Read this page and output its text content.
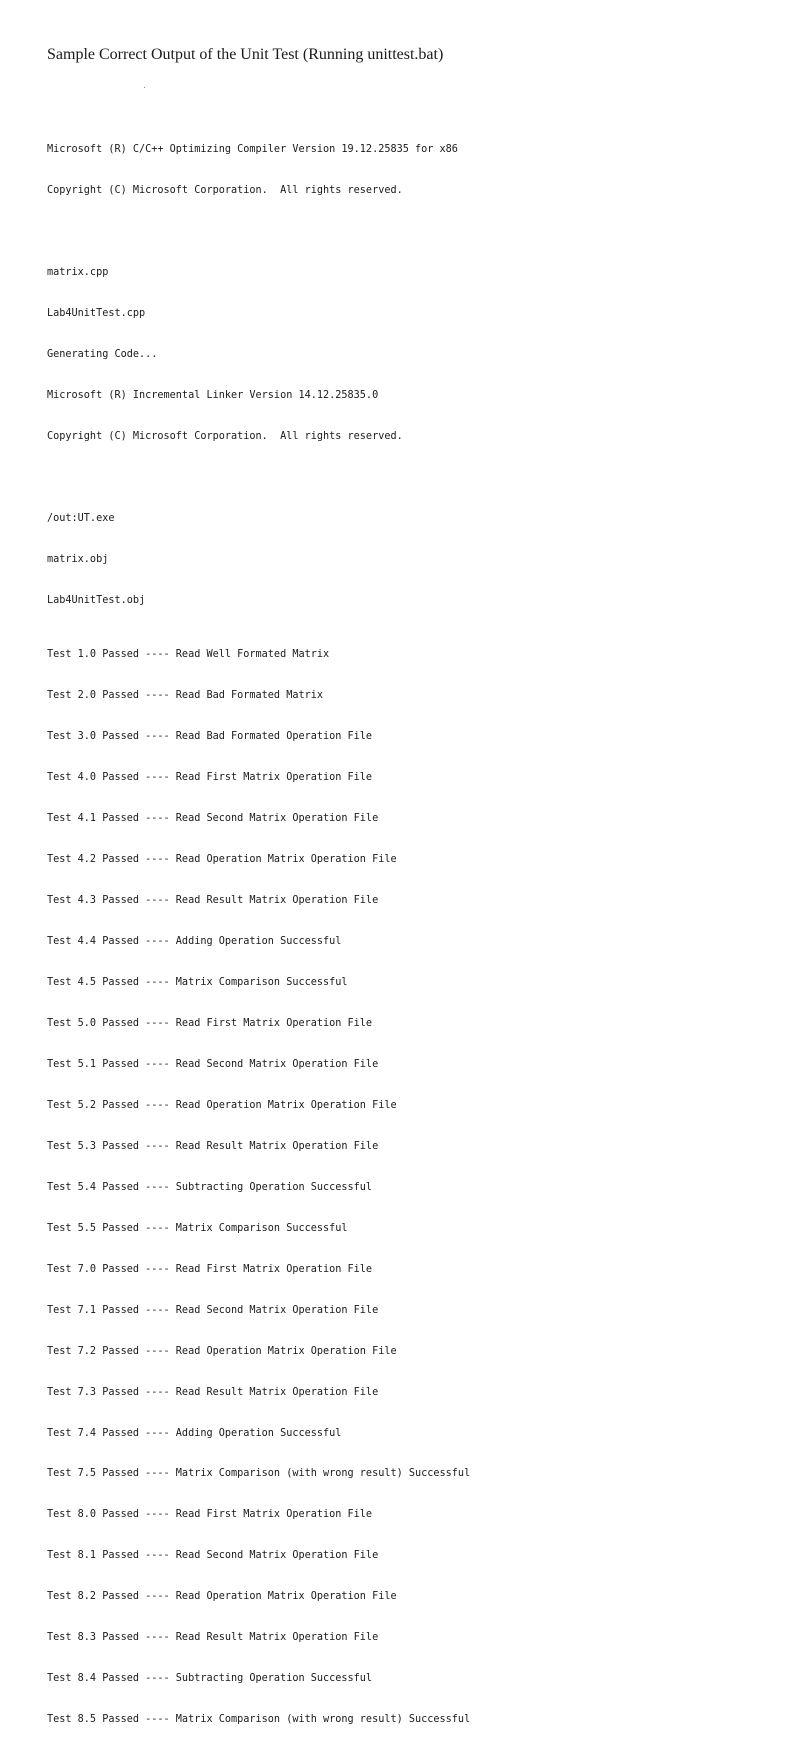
Sample Correct Output of the Unit Test (Running unittest.bat)

Microsoft (R) C/C++ Optimizing Compiler Version 19.12.25835 for x86

Copyright (C) Microsoft Corporation.  All rights reserved.

matrix.cpp

Lab4UnitTest.cpp

Generating Code...

Microsoft (R) Incremental Linker Version 14.12.25835.0

Copyright (C) Microsoft Corporation.  All rights reserved.

/out:UT.exe

matrix.obj

Lab4UnitTest.obj

Test 1.0 Passed ---- Read Well Formated Matrix

Test 2.0 Passed ---- Read Bad Formated Matrix

Test 3.0 Passed ---- Read Bad Formated Operation File

Test 4.0 Passed ---- Read First Matrix Operation File

Test 4.1 Passed ---- Read Second Matrix Operation File

Test 4.2 Passed ---- Read Operation Matrix Operation File

Test 4.3 Passed ---- Read Result Matrix Operation File

Test 4.4 Passed ---- Adding Operation Successful

Test 4.5 Passed ---- Matrix Comparison Successful

Test 5.0 Passed ---- Read First Matrix Operation File

Test 5.1 Passed ---- Read Second Matrix Operation File

Test 5.2 Passed ---- Read Operation Matrix Operation File

Test 5.3 Passed ---- Read Result Matrix Operation File

Test 5.4 Passed ---- Subtracting Operation Successful

Test 5.5 Passed ---- Matrix Comparison Successful

Test 7.0 Passed ---- Read First Matrix Operation File

Test 7.1 Passed ---- Read Second Matrix Operation File

Test 7.2 Passed ---- Read Operation Matrix Operation File

Test 7.3 Passed ---- Read Result Matrix Operation File

Test 7.4 Passed ---- Adding Operation Successful

Test 7.5 Passed ---- Matrix Comparison (with wrong result) Successful

Test 8.0 Passed ---- Read First Matrix Operation File

Test 8.1 Passed ---- Read Second Matrix Operation File

Test 8.2 Passed ---- Read Operation Matrix Operation File

Test 8.3 Passed ---- Read Result Matrix Operation File

Test 8.4 Passed ---- Subtracting Operation Successful

Test 8.5 Passed ---- Matrix Comparison (with wrong result) Successful
